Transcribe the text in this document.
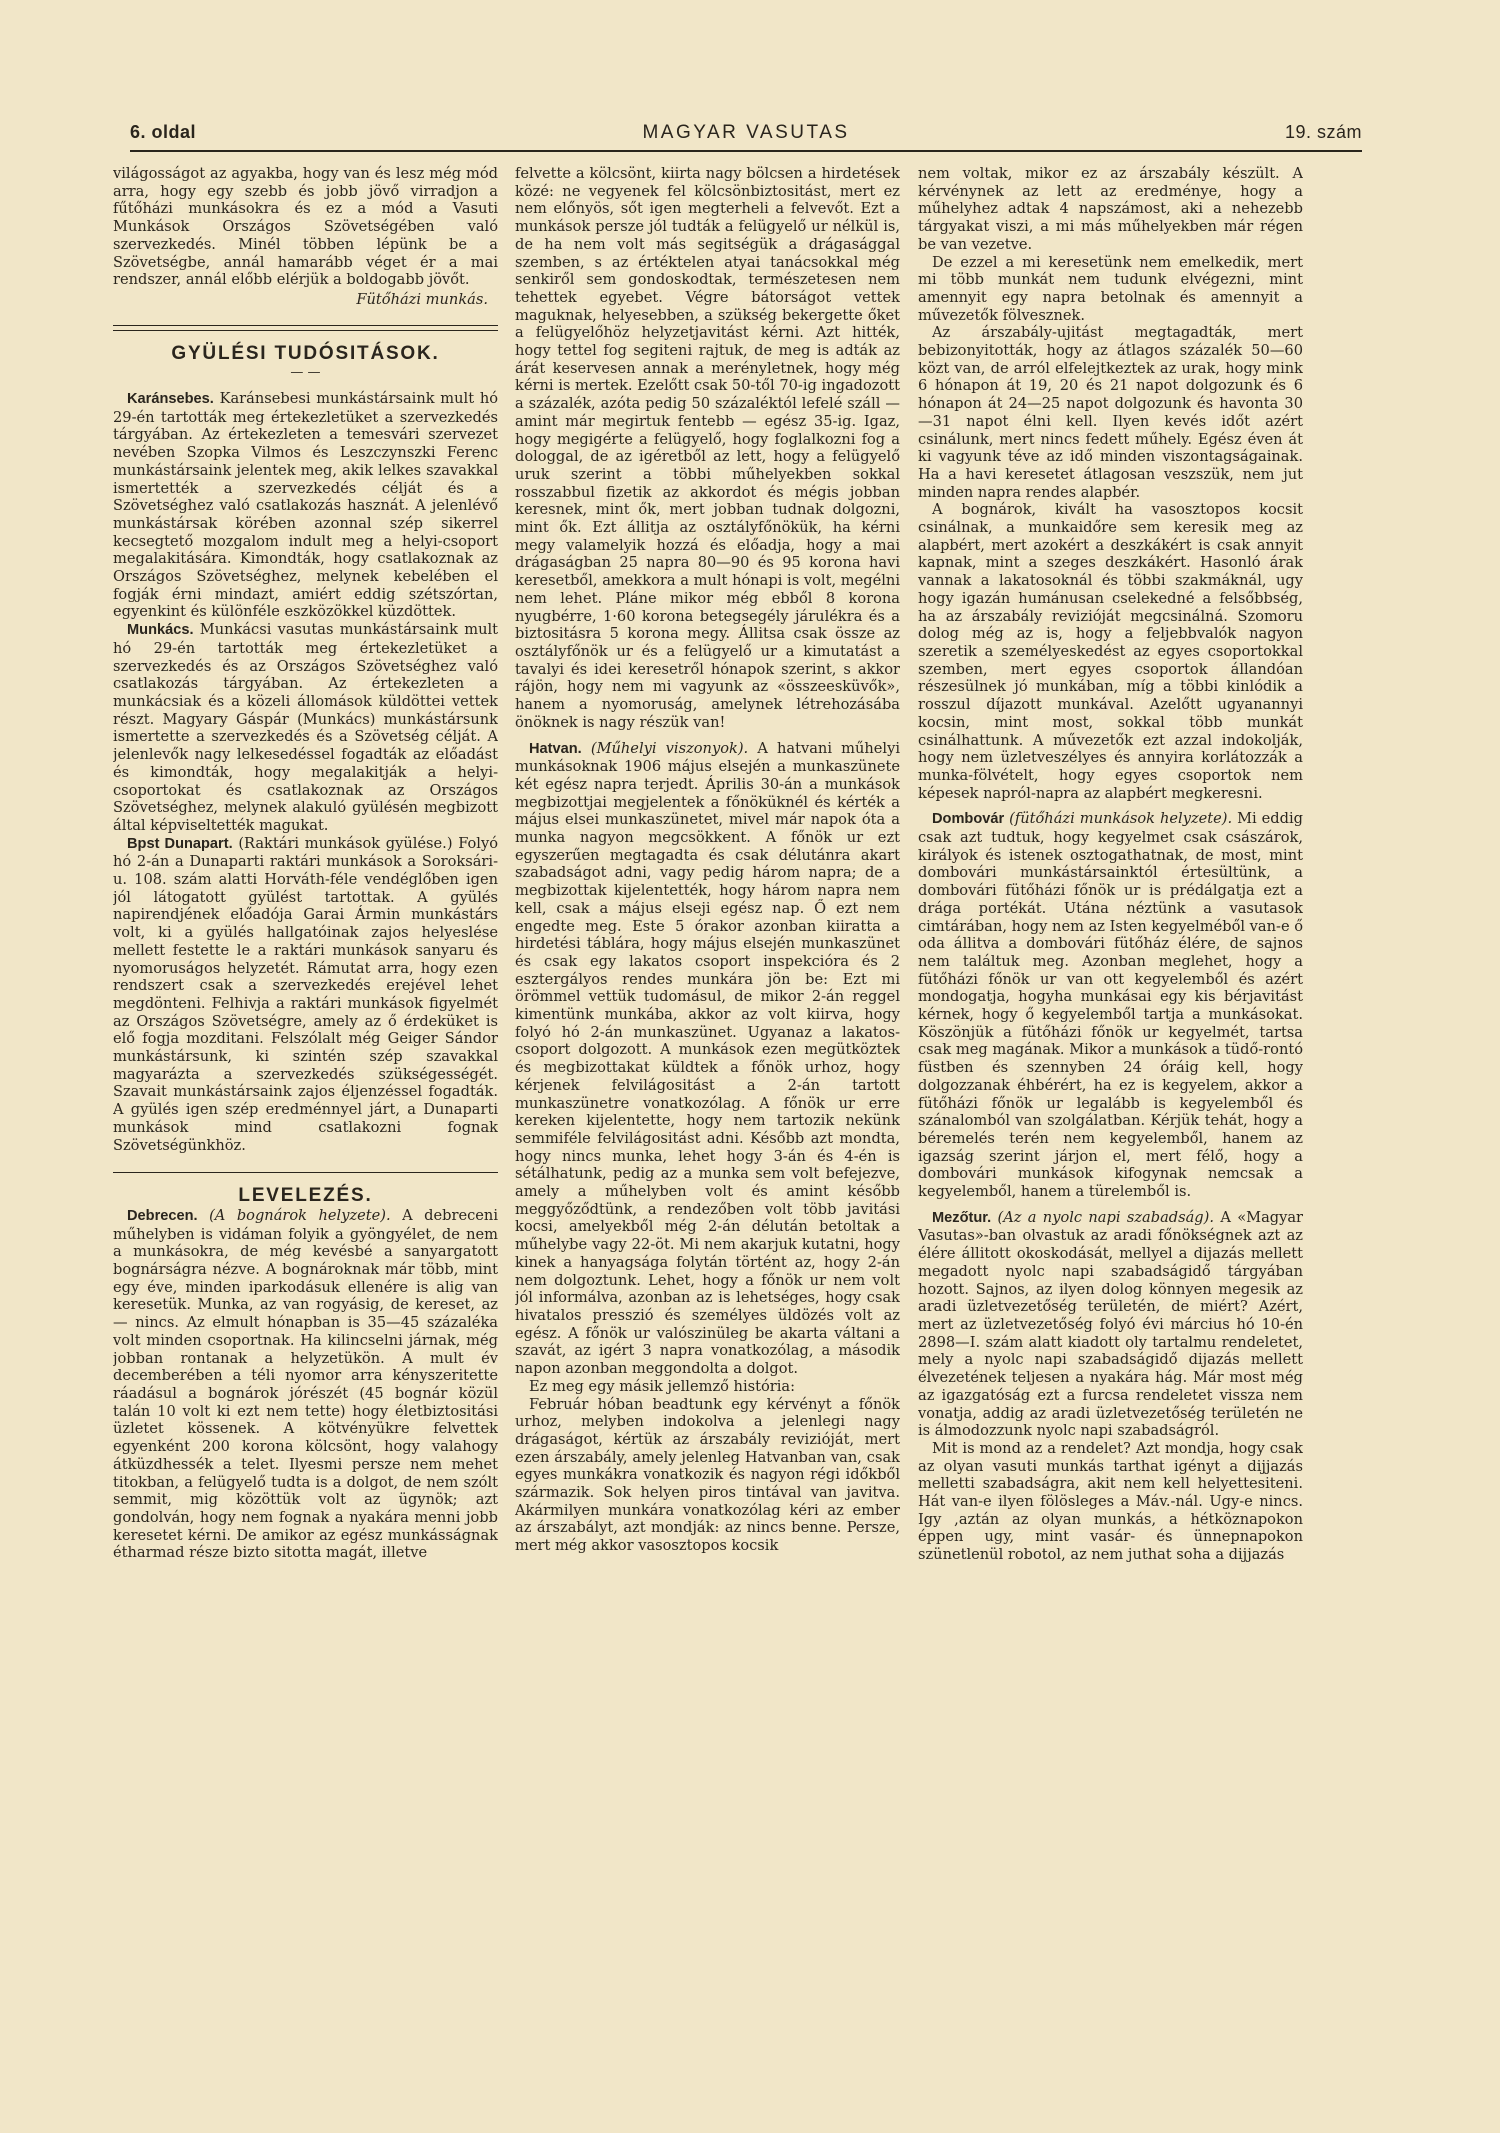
6. oldal	MAGYAR VASUTAS	19. szám

világosságot az agyakba, hogy van és lesz még mód arra, hogy egy szebb és jobb jövő virradjon a fűtőházi munkásokra és ez a mód a Vasuti Munkások Országos Szövetségében való szervezkedés. Minél többen lépünk be a Szövetségbe, annál hamarább véget ér a mai rendszer, annál előbb elérjük a boldogabb jövőt.

Fütőházi munkás.
GYÜLÉSI TUDÓSITÁSOK.
— —

Karánsebes. Karánsebesi munkástársaink mult hó 29-én tartották meg értekezletüket a szervezkedés tárgyában. Az értekezleten a temesvári szervezet nevében Szopka Vilmos és Leszczynszki Ferenc munkástársaink jelentek meg, akik lelkes szavakkal ismertették a szervezkedés célját és a Szövetséghez való csatlakozás hasznát. A jelenlévő munkástársak körében azonnal szép sikerrel kecsegtető mozgalom indult meg a helyi-csoport megalakitására. Kimondták, hogy csatlakoznak az Országos Szövetséghez, melynek kebelében el fogják érni mindazt, amiért eddig szétszórtan, egyenkint és különféle eszközökkel küzdöttek.

Munkács. Munkácsi vasutas munkástársaink mult hó 29-én tartották meg értekezletüket a szervezkedés és az Országos Szövetséghez való csatlakozás tárgyában. Az értekezleten a munkácsiak és a közeli állomások küldöttei vettek részt. Magyary Gáspár (Munkács) munkástársunk ismertette a szervezkedés és a Szövetség célját. A jelenlevők nagy lelkesedéssel fogadták az előadást és kimondták, hogy megalakitják a helyi-csoportokat és csatlakoznak az Országos Szövetséghez, melynek alakuló gyülésén megbizott által képviseltették magukat.

Bpst Dunapart. (Raktári munkások gyülése.) Folyó hó 2-án a Dunaparti raktári munkások a Soroksári-u. 108. szám alatti Horváth-féle vendéglőben igen jól látogatott gyülést tartottak. A gyülés napirendjének előadója Garai Ármin munkástárs volt, ki a gyülés hallgatóinak zajos helyeslése mellett festette le a raktári munkások sanyaru és nyomoruságos helyzetét. Rámutat arra, hogy ezen rendszert csak a szervezkedés erejével lehet megdönteni. Felhivja a raktári munkások figyelmét az Országos Szövetségre, amely az ő érdeküket is elő fogja mozditani. Felszólalt még Geiger Sándor munkástársunk, ki szintén szép szavakkal magyarázta a szervezkedés szükségességét. Szavait munkástársaink zajos éljenzéssel fogadták. A gyülés igen szép eredménnyel járt, a Dunaparti munkások mind csatlakozni fognak Szövetségünkhöz.

LEVELEZÉS.

Debrecen. (A bognárok helyzete). A debreceni műhelyben is vidáman folyik a gyöngyélet, de nem a munkásokra, de még kevésbé a sanyargatott bognárságra nézve. A bognároknak már több, mint egy éve, minden iparkodásuk ellenére is alig van keresetük. Munka, az van rogyásig, de kereset, az — nincs. Az elmult hónapban is 35—45 százaléka volt minden csoportnak. Ha kilincselni járnak, még jobban rontanak a helyzetükön. A mult év decemberében a téli nyomor arra kényszeritette ráadásul a bognárok jórészét (45 bognár közül talán 10 volt ki ezt nem tette) hogy életbiztositási üzletet kössenek. A kötvényükre felvettek egyenként 200 korona kölcsönt, hogy valahogy átküzdhessék a telet. Ilyesmi persze nem mehet titokban, a felügyelő tudta is a dolgot, de nem szólt semmit, mig közöttük volt az ügynök; azt gondolván, hogy nem fognak a nyakára menni jobb keresetet kérni. De amikor az egész munkásságnak étharmad része bizto sitotta magát, illetve

felvette a kölcsönt, kiirta nagy bölcsen a hirdetések közé: ne vegyenek fel kölcsönbiztositást, mert ez nem előnyös, sőt igen megterheli a felvevőt. Ezt a munkások persze jól tudták a felügyelő ur nélkül is, de ha nem volt más segitségük a drágasággal szemben, s az értéktelen atyai tanácsokkal még senkiről sem gondoskodtak, természetesen nem tehettek egyebet. Végre bátorságot vettek maguknak, helyesebben, a szükség bekergette őket a felügyelőhöz helyzetjavitást kérni. Azt hitték, hogy tettel fog segiteni rajtuk, de meg is adták az árát keservesen annak a merényletnek, hogy még kérni is mertek. Ezelőtt csak 50-től 70-ig ingadozott a százalék, azóta pedig 50 százaléktól lefelé száll — amint már megirtuk fentebb — egész 35-ig. Igaz, hogy megigérte a felügyelő, hogy foglalkozni fog a dologgal, de az igéretből az lett, hogy a felügyelő uruk szerint a többi műhelyekben sokkal rosszabbul fizetik az akkordot és mégis jobban keresnek, mint ők, mert jobban tudnak dolgozni, mint ők. Ezt állitja az osztályfőnökük, ha kérni megy valamelyik hozzá és előadja, hogy a mai drágaságban 25 napra 80—90 és 95 korona havi keresetből, amekkora a mult hónapi is volt, megélni nem lehet. Pláne mikor még ebből 8 korona nyugbérre, 1·60 korona betegsegély járulékra és a biztositásra 5 korona megy. Állitsa csak össze az osztályfőnök ur és a felügyelő ur a kimutatást a tavalyi és idei keresetről hónapok szerint, s akkor rájön, hogy nem mi vagyunk az «összeesküvők», hanem a nyomoruság, amelynek létrehozásába önöknek is nagy részük van!

Hatvan. (Műhelyi viszonyok). A hatvani műhelyi munkásoknak 1906 május elsején a munkaszünete két egész napra terjedt. Április 30-án a munkások megbizottjai megjelentek a főnöküknél és kérték a május elsei munkaszünetet, mivel már napok óta a munka nagyon megcsökkent. A főnök ur ezt egyszerűen megtagadta és csak délutánra akart szabadságot adni, vagy pedig három napra; de a megbizottak kijelentették, hogy három napra nem kell, csak a május elseji egész nap. Ő ezt nem engedte meg. Este 5 órakor azonban kiiratta a hirdetési táblára, hogy május elsején munkaszünet és csak egy lakatos csoport inspekcióra és 2 esztergályos rendes munkára jön be: Ezt mi örömmel vettük tudomásul, de mikor 2-án reggel kimentünk munkába, akkor az volt kiirva, hogy folyó hó 2-án munkaszünet. Ugyanaz a lakatos-csoport dolgozott. A munkások ezen megütköztek és megbizottakat küldtek a főnök urhoz, hogy kérjenek felvilágositást a 2-án tartott munkaszünetre vonatkozólag. A főnök ur erre kereken kijelentette, hogy nem tartozik nekünk semmiféle felvilágositást adni. Később azt mondta, hogy nincs munka, lehet hogy 3-án és 4-én is sétálhatunk, pedig az a munka sem volt befejezve, amely a műhelyben volt és amint később meggyőződtünk, a rendezőben volt több javitási kocsi, amelyekből még 2-án délután betoltak a műhelybe vagy 22-öt. Mi nem akarjuk kutatni, hogy kinek a hanyagsága folytán történt az, hogy 2-án nem dolgoztunk. Lehet, hogy a főnök ur nem volt jól informálva, azonban az is lehetséges, hogy csak hivatalos presszió és személyes üldözés volt az egész. A főnök ur valószinüleg be akarta váltani a szavát, az igért 3 napra vonatkozólag, a második napon azonban meggondolta a dolgot.

Ez meg egy másik jellemző história:

Február hóban beadtunk egy kérvényt a főnök urhoz, melyben indokolva a jelenlegi nagy drágaságot, kértük az árszabály revizióját, mert ezen árszabály, amely jelenleg Hatvanban van, csak egyes munkákra vonatkozik és nagyon régi időkből származik. Sok helyen piros tintával van javitva. Akármilyen munkára vonatkozólag kéri az ember az árszabályt, azt mondják: az nincs benne. Persze, mert még akkor vasosztopos kocsik

nem voltak, mikor ez az árszabály készült. A kérvénynek az lett az eredménye, hogy a műhelyhez adtak 4 napszámost, aki a nehezebb tárgyakat viszi, a mi más műhelyekben már régen be van vezetve.

De ezzel a mi keresetünk nem emelkedik, mert mi több munkát nem tudunk elvégezni, mint amennyit egy napra betolnak és amennyit a művezetők fölvesznek.

Az árszabály-ujitást megtagadták, mert bebizonyitották, hogy az átlagos százalék 50—60 közt van, de arról elfelejtkeztek az urak, hogy mink 6 hónapon át 19, 20 és 21 napot dolgozunk és 6 hónapon át 24—25 napot dolgozunk és havonta 30—31 napot élni kell. Ilyen kevés időt azért csinálunk, mert nincs fedett műhely. Egész éven át ki vagyunk téve az idő minden viszontagságainak. Ha a havi keresetet átlagosan veszszük, nem jut minden napra rendes alapbér.

A bognárok, kivált ha vasosztopos kocsit csinálnak, a munkaidőre sem keresik meg az alapbért, mert azokért a deszkákért is csak annyit kapnak, mint a szeges deszkákért. Hasonló árak vannak a lakatosoknál és többi szakmáknál, ugy hogy igazán humánusan cselekedné a felsőbbség, ha az árszabály revizióját megcsinálná. Szomoru dolog még az is, hogy a feljebbvalók nagyon szeretik a személyeskedést az egyes csoportokkal szemben, mert egyes csoportok állandóan részesülnek jó munkában, míg a többi kinlódik a rosszul díjazott munkával. Azelőtt ugyanannyi kocsin, mint most, sokkal több munkát csinálhattunk. A művezetők ezt azzal indokolják, hogy nem üzletveszélyes és annyira korlátozzák a munka-fölvételt, hogy egyes csoportok nem képesek napról-napra az alapbért megkeresni.

Dombovár (fütőházi munkások helyzete). Mi eddig csak azt tudtuk, hogy kegyelmet csak császárok, királyok és istenek osztogathatnak, de most, mint dombovári munkástársainktól értesültünk, a dombovári fütőházi főnök ur is prédálgatja ezt a drága portékát. Utána néztünk a vasutasok cimtárában, hogy nem az Isten kegyelméből van-e ő oda állitva a dombovári fütőház élére, de sajnos nem találtuk meg. Azonban meglehet, hogy a fütőházi főnök ur van ott kegyelemből és azért mondogatja, hogyha munkásai egy kis bérjavitást kérnek, hogy ő kegyelemből tartja a munkásokat. Köszönjük a fütőházi főnök ur kegyelmét, tartsa csak meg magának. Mikor a munkások a tüdő-rontó füstben és szennyben 24 óráig kell, hogy dolgozzanak éhbérért, ha ez is kegyelem, akkor a fütőházi főnök ur legalább is kegyelemből és szánalomból van szolgálatban. Kérjük tehát, hogy a béremelés terén nem kegyelemből, hanem az igazság szerint járjon el, mert félő, hogy a dombovári munkások kifogynak nemcsak a kegyelemből, hanem a türelemből is.

Mezőtur. (Az a nyolc napi szabadság). A «Magyar Vasutas»-ban olvastuk az aradi főnökségnek azt az élére állitott okoskodását, mellyel a dijazás mellett megadott nyolc napi szabadságidő tárgyában hozott. Sajnos, az ilyen dolog könnyen megesik az aradi üzletvezetőség területén, de miért? Azért, mert az üzletvezetőség folyó évi március hó 10-én 2898—I. szám alatt kiadott oly tartalmu rendeletet, mely a nyolc napi szabadságidő dijazás mellett élvezetének teljesen a nyakára hág. Már most még az igazgatóság ezt a furcsa rendeletet vissza nem vonatja, addig az aradi üzletvezetőség területén ne is álmodozzunk nyolc napi szabadságról.

Mit is mond az a rendelet? Azt mondja, hogy csak az olyan vasuti munkás tarthat igényt a dijjazás melletti szabadságra, akit nem kell helyettesiteni. Hát van-e ilyen fölösleges a Máv.-nál. Ugy-e nincs. Igy ,aztán az olyan munkás, a hétköznapokon éppen ugy, mint vasár- és ünnepnapokon szünetlenül robotol, az nem juthat soha a dijjazás
